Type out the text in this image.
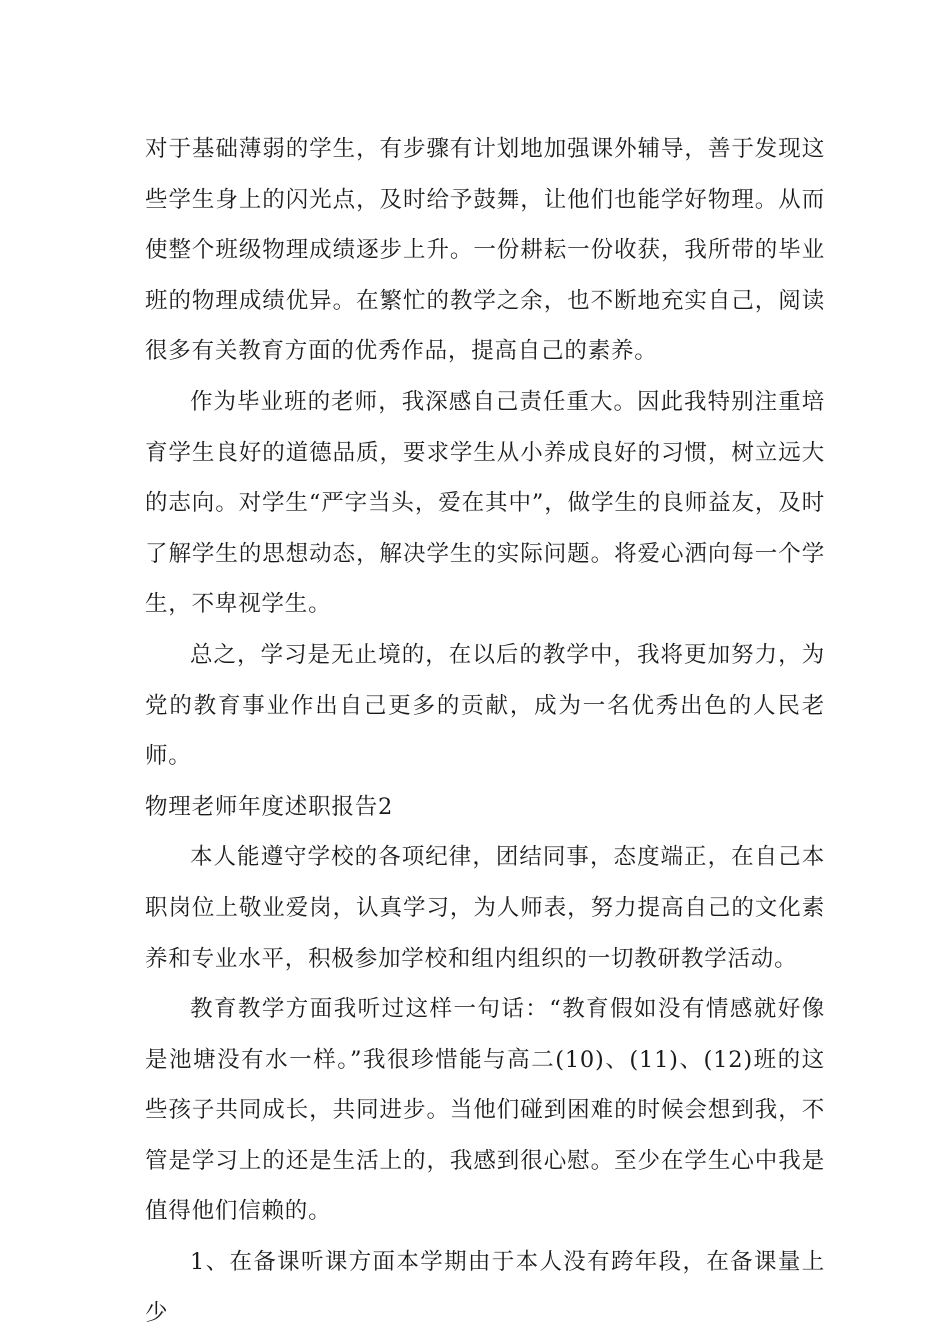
对于基础薄弱的学生，有步骤有计划地加强课外辅导，善于发现这些学生身上的闪光点，及时给予鼓舞，让他们也能学好物理。从而使整个班级物理成绩逐步上升。一份耕耘一份收获，我所带的毕业班的物理成绩优异。在繁忙的教学之余，也不断地充实自己，阅读很多有关教育方面的优秀作品，提高自己的素养。

作为毕业班的老师，我深感自己责任重大。因此我特别注重培育学生良好的道德品质，要求学生从小养成良好的习惯，树立远大的志向。对学生“严字当头，爱在其中”，做学生的良师益友，及时了解学生的思想动态，解决学生的实际问题。将爱心洒向每一个学生，不卑视学生。

总之，学习是无止境的，在以后的教学中，我将更加努力，为党的教育事业作出自己更多的贡献，成为一名优秀出色的人民老师。

物理老师年度述职报告2

本人能遵守学校的各项纪律，团结同事，态度端正，在自己本职岗位上敬业爱岗，认真学习，为人师表，努力提高自己的文化素养和专业水平，积极参加学校和组内组织的一切教研教学活动。

教育教学方面我听过这样一句话：“教育假如没有情感就好像是池塘没有水一样。”我很珍惜能与高二(10)、(11)、(12)班的这些孩子共同成长，共同进步。当他们碰到困难的时候会想到我，不管是学习上的还是生活上的，我感到很心慰。至少在学生心中我是值得他们信赖的。

1、在备课听课方面本学期由于本人没有跨年段，在备课量上少
